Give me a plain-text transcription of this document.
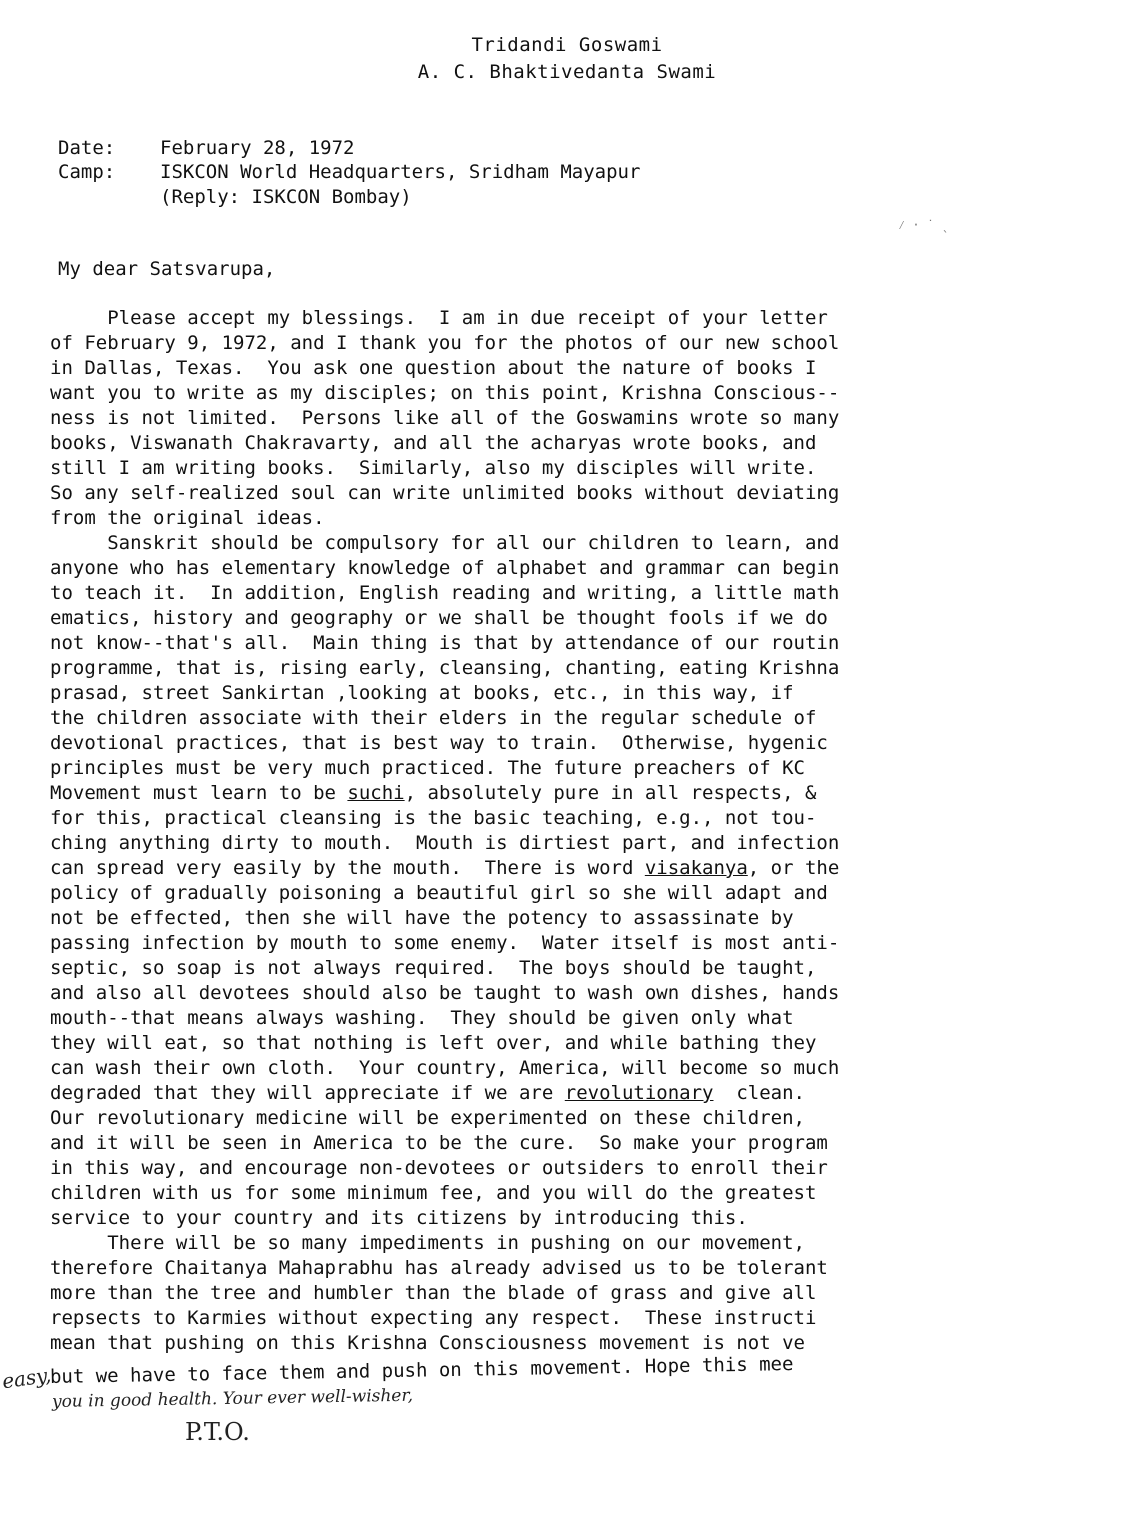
Tridandi Goswami
A. C. Bhaktivedanta Swami
Date: February 28, 1972
Camp: ISKCON World Headquarters, Sridham Mayapur
(Reply: ISKCON Bombay)
⁄ · ˙ ˎ
My dear Satsvarupa,
Please accept my blessings.  I am in due receipt of your letter
of February 9, 1972, and I thank you for the photos of our new school
in Dallas, Texas.  You ask one question about the nature of books I
want you to write as my disciples; on this point, Krishna Conscious--
ness is not limited.  Persons like all of the Goswamins wrote so many
books, Viswanath Chakravarty, and all the acharyas wrote books, and
still I am writing books.  Similarly, also my disciples will write.
So any self-realized soul can write unlimited books without deviating
from the original ideas.
Sanskrit should be compulsory for all our children to learn, and
anyone who has elementary knowledge of alphabet and grammar can begin
to teach it.  In addition, English reading and writing, a little math
ematics, history and geography or we shall be thought fools if we do
not know--that's all.  Main thing is that by attendance of our routin
programme, that is, rising early, cleansing, chanting, eating Krishna
prasad, street Sankirtan ,looking at books, etc., in this way, if
the children associate with their elders in the regular schedule of
devotional practices, that is best way to train.  Otherwise, hygenic
principles must be very much practiced. The future preachers of KC
Movement must learn to be suchi, absolutely pure in all respects, &
for this, practical cleansing is the basic teaching, e.g., not tou-
ching anything dirty to mouth.  Mouth is dirtiest part, and infection
can spread very easily by the mouth.  There is word visakanya, or the
policy of gradually poisoning a beautiful girl so she will adapt and
not be effected, then she will have the potency to assassinate by
passing infection by mouth to some enemy.  Water itself is most anti-
septic, so soap is not always required.  The boys should be taught,
and also all devotees should also be taught to wash own dishes, hands
mouth--that means always washing.  They should be given only what
they will eat, so that nothing is left over, and while bathing they
can wash their own cloth.  Your country, America, will become so much
degraded that they will appreciate if we are revolutionary  clean.
Our revolutionary medicine will be experimented on these children,
and it will be seen in America to be the cure.  So make your program
in this way, and encourage non-devotees or outsiders to enroll their
children with us for some minimum fee, and you will do the greatest
service to your country and its citizens by introducing this.
There will be so many impediments in pushing on our movement,
therefore Chaitanya Mahaprabhu has already advised us to be tolerant
more than the tree and humbler than the blade of grass and give all
repsects to Karmies without expecting any respect.  These instructi
mean that pushing on this Krishna Consciousness movement is not ve
but we have to face them and push on this movement. Hope this mee
easy,
you in good health. Your ever well-wisher,
P.T.O.
